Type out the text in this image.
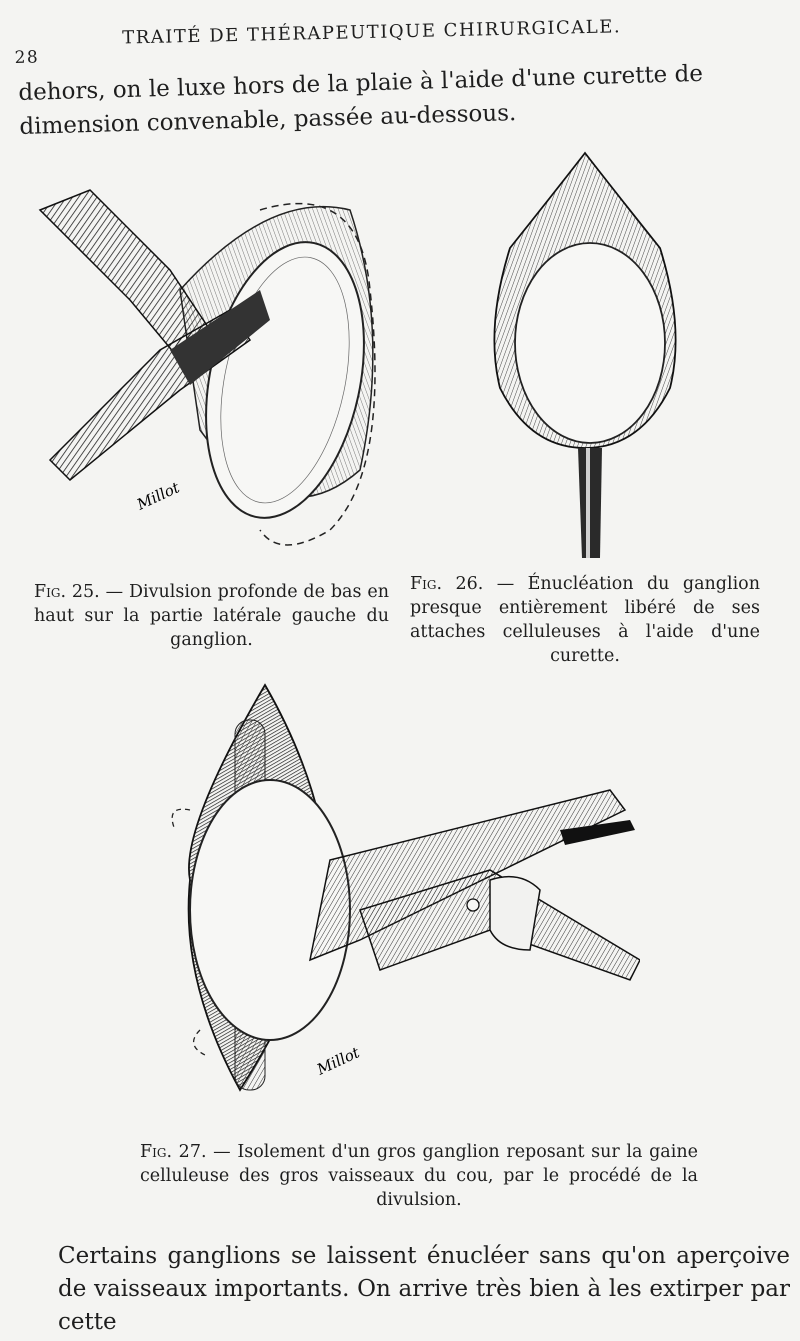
28
TRAITÉ DE THÉRAPEUTIQUE CHIRURGICALE.
dehors, on le luxe hors de la plaie à l'aide d'une curette de dimension convenable, passée au-dessous.
Millot
Fig. 25. — Divulsion profonde de bas en haut sur la partie latérale gauche du ganglion.
Fig. 26. — Énucléation du ganglion presque entièrement libéré de ses attaches celluleuses à l'aide d'une curette.
Millot
Fig. 27. — Isolement d'un gros ganglion reposant sur la gaine celluleuse des gros vaisseaux du cou, par le procédé de la divulsion.
Certains ganglions se laissent énucléer sans qu'on aperçoive de vaisseaux importants. On arrive très bien à les extirper par cette
